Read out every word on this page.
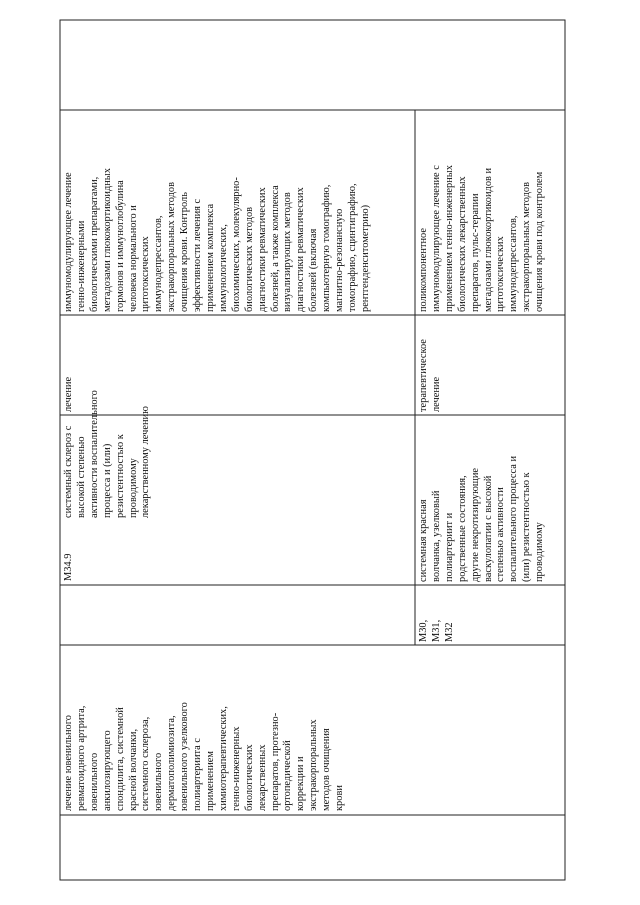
лечение ювенильного
ревматоидного артрита,
ювенильного
анкилозирующего
спондилита, системной
красной волчанки,
системного склероза,
ювенильного
дерматополимиозита,
ювенильного узелкового
полиартериита с
применением
химиотерапевтических,
генно-инженерных
биологических
лекарственных
препаратов, протезно-
ортопедической
коррекции и
экстракорпоральных
методов очищения
крови
M34.9
системный склероз с
высокой степенью
активности воспалительного
процесса и (или)
резистентностью к
проводимому
лекарственному лечению
M30,
M31,
M32
системная красная
волчанка, узелковый
полиартериит и
родственные состояния,
другие некротизирующие
васкулопатии с высокой
степенью активности
воспалительного процесса и
(или) резистентностью к
проводимому
лечение
иммуномодулирующее лечение
генно-инженерными
биологическими препаратами,
метадозами глюкокортикоидных
гормонов и иммуноглобулина
человека нормального и
цитотоксических
иммунодепрессантов,
экстракорпоральных методов
очищения крови. Контроль
эффективности лечения с
применением комплекса
иммунологических,
биохимических, молекулярно-
биологических методов
диагностики ревматических
болезней, а также комплекса
визуализирующих методов
диагностики ревматических
болезней (включая
компьютерную томографию,
магнитно-резонансную
томографию, сцинтиграфию,
рентгенденситометрию)
терапевтическое
лечение
поликомпонентное
иммуномодулирующее лечение с
применением генно-инженерных
биологических лекарственных
препаратов, пульс-терапии
мегадозами глюкокортикоидов и
цитотоксических
иммунодепрессантов,
экстракорпоральных методов
очищения крови под контролем
